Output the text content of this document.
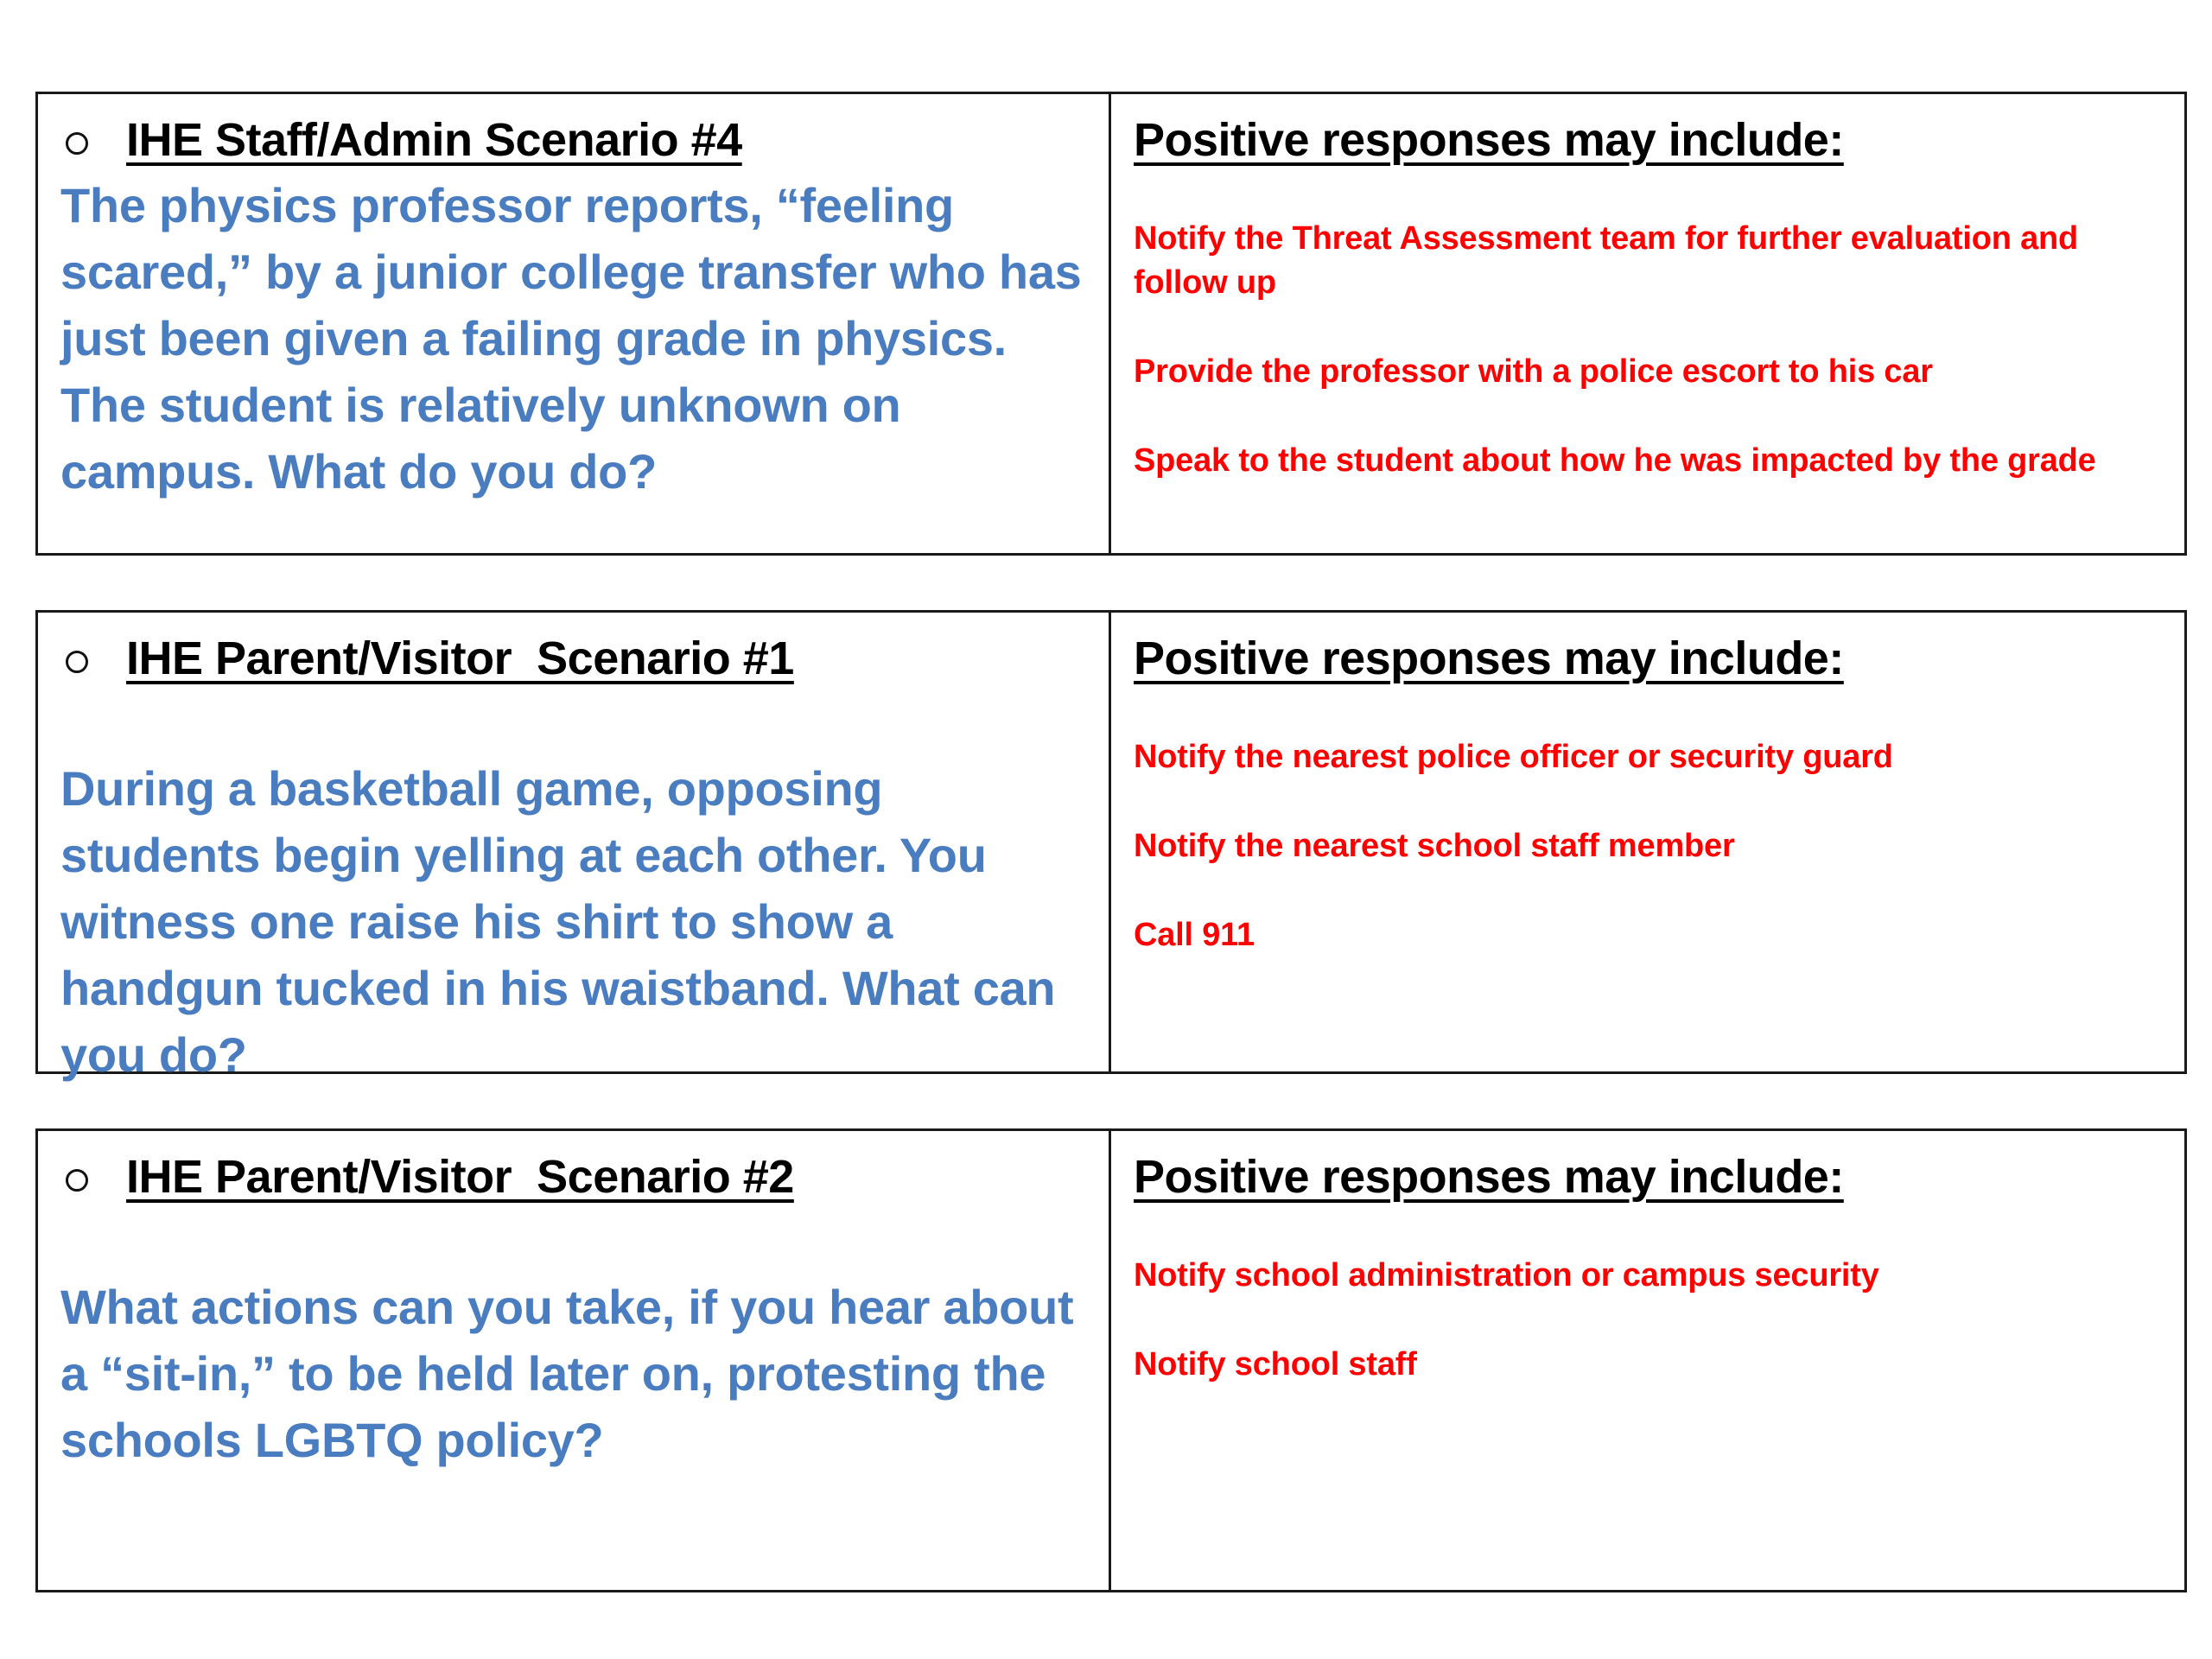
IHE Staff/Admin Scenario #4

The physics professor reports, “feeling scared,” by a junior college transfer who has just been given a failing grade in physics. The student is relatively unknown on campus. What do you do?

Positive responses may include:
Notify the Threat Assessment team for further evaluation and follow up
Provide the professor with a police escort to his car
Speak to the student about how he was impacted by the grade
IHE Parent/Visitor  Scenario #1

During a basketball game, opposing students begin yelling at each other. You witness one raise his shirt to show a handgun tucked in his waistband. What can you do?

Positive responses may include:
Notify the nearest police officer or security guard
Notify the nearest school staff member
Call 911
IHE Parent/Visitor  Scenario #2

What actions can you take, if you hear about a “sit-in,” to be held later on, protesting the schools LGBTQ policy?

Positive responses may include:
Notify school administration or campus security
Notify school staff
